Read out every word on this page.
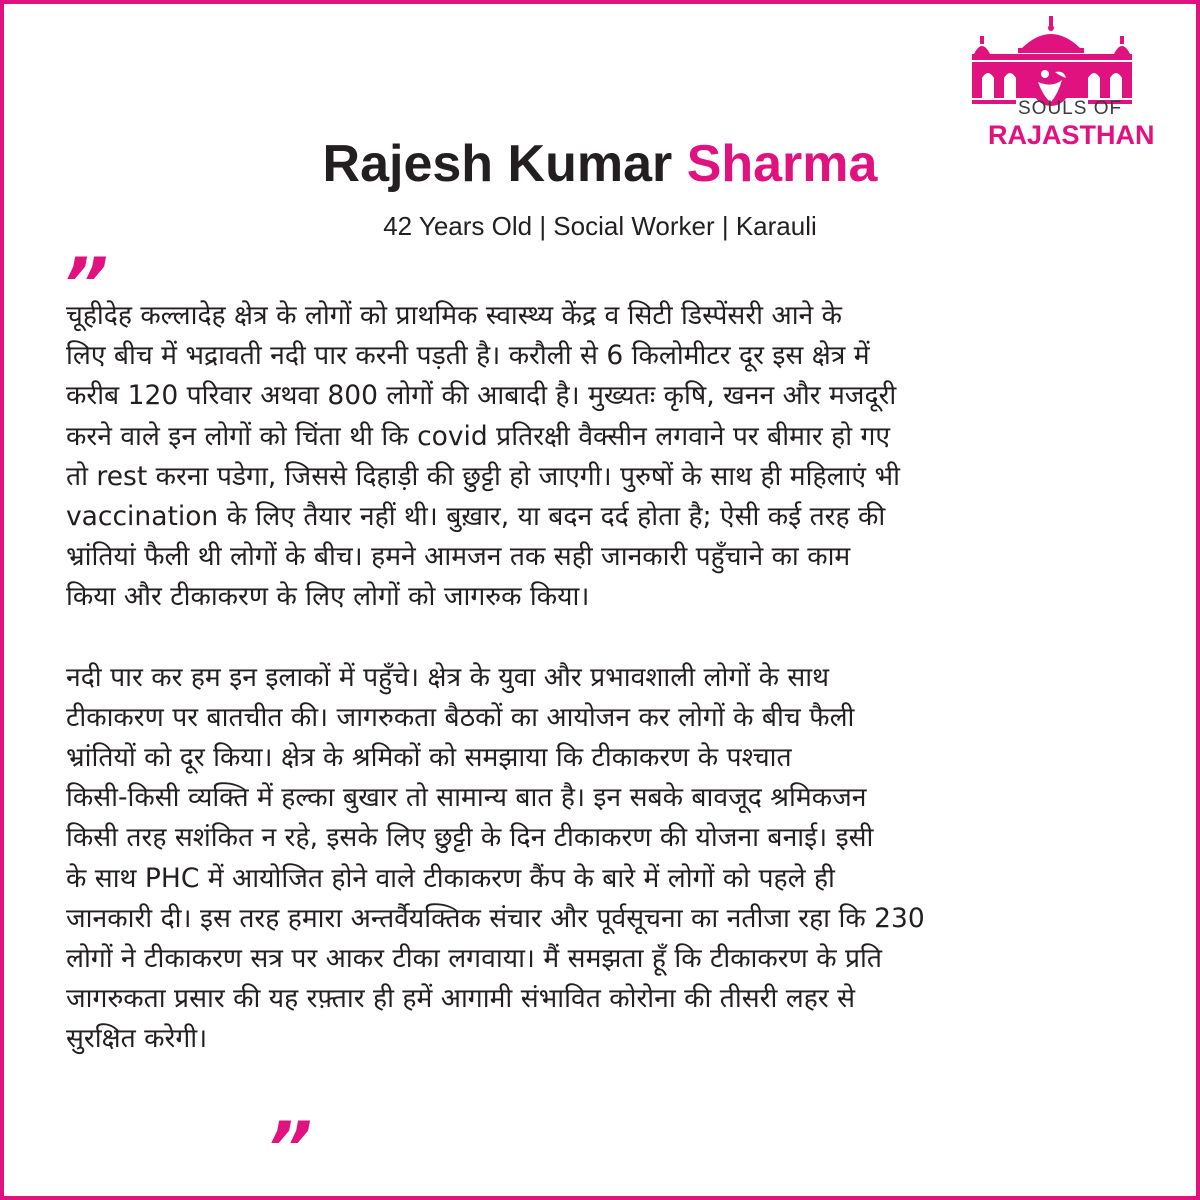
SOULS OF
RAJASTHAN
Rajesh Kumar Sharma
42 Years Old | Social Worker | Karauli
”

चूहीदेह कल्लादेह क्षेत्र के लोगों को प्राथमिक स्वास्थ्य केंद्र व सिटी डिस्पेंसरी आने के
लिए बीच में भद्रावती नदी पार करनी पड़ती है। करौली से 6 किलोमीटर दूर इस क्षेत्र में
करीब 120 परिवार अथवा 800 लोगों की आबादी है। मुख्यतः कृषि, खनन और मजदूरी
करने वाले इन लोगों को चिंता थी कि covid प्रतिरक्षी वैक्सीन लगवाने पर बीमार हो गए
तो rest करना पडेगा, जिससे दिहाड़ी की छुट्टी हो जाएगी। पुरुषों के साथ ही महिलाएं भी
vaccination के लिए तैयार नहीं थी। बुख़ार, या बदन दर्द होता है; ऐसी कई तरह की
भ्रांतियां फैली थी लोगों के बीच। हमने आमजन तक सही जानकारी पहुँचाने का काम
किया और टीकाकरण के लिए लोगों को जागरुक किया।

नदी पार कर हम इन इलाकों में पहुँचे। क्षेत्र के युवा और प्रभावशाली लोगों के साथ
टीकाकरण पर बातचीत की। जागरुकता बैठकों का आयोजन कर लोगों के बीच फैली
भ्रांतियों को दूर किया। क्षेत्र के श्रमिकों को समझाया कि टीकाकरण के पश्चात
किसी-किसी व्यक्ति में हल्का बुखार तो सामान्य बात है। इन सबके बावजूद श्रमिकजन
किसी तरह सशंकित न रहे, इसके लिए छुट्टी के दिन टीकाकरण की योजना बनाई। इसी
के साथ PHC में आयोजित होने वाले टीकाकरण कैंप के बारे में लोगों को पहले ही
जानकारी दी। इस तरह हमारा अन्तर्वैयक्तिक संचार और पूर्वसूचना का नतीजा रहा कि 230
लोगों ने टीकाकरण सत्र पर आकर टीका लगवाया। मैं समझता हूँ कि टीकाकरण के प्रति
जागरुकता प्रसार की यह रफ़्तार ही हमें आगामी संभावित कोरोना की तीसरी लहर से
सुरक्षित करेगी।

”
